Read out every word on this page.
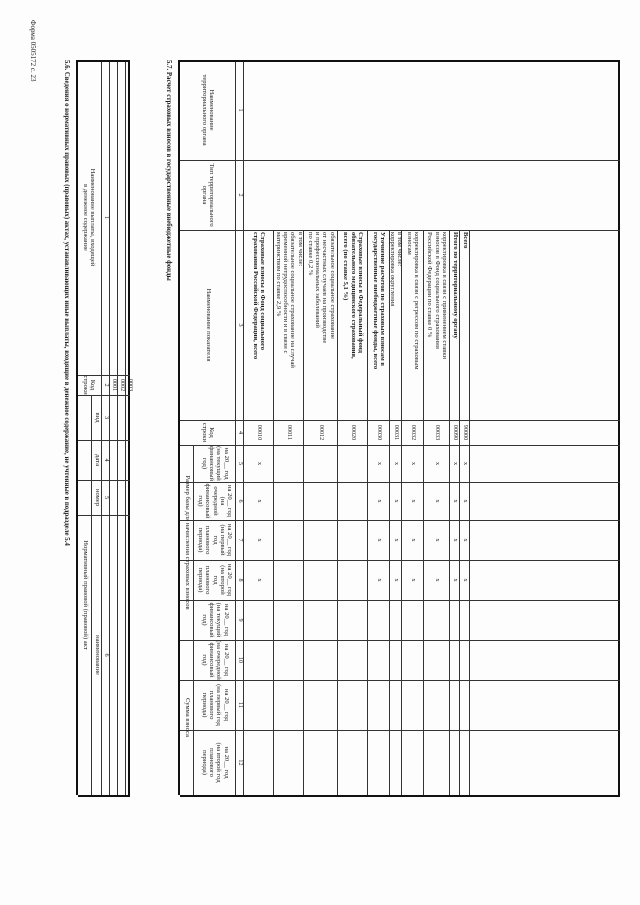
Форма 0505172 с. 23
5.6. Сведения о нормативных правовых (правовых) актах, устанавливающих иные выплаты, входящие в денежное содержание, не учтенные в подразделе 5.4	Наименование выплаты, входящей
в денежное содержание
Код
строки
Нормативный правовой (правовой) акт
вид
дата
номер
наименование
1
2
3
4
5
6
0001 0002 0003
5.7. Расчет страховых взносов в государственные внебюджетные фонды	Наименование
территориального органа
Тип территориального
органа
Наименование показателя
Код
строки
Размер базы для начисления страховых взносов
Сумма взноса
на 20__ год
(на текущий
финансовый
год)
на 20__ год
(на очередной
финансовый
год)
на 20__ год
(на первый год
планового
периода)
на 20__ год
(на второй год
планового
периода)
на 20__ год
(на текущий
финансовый год)
на 20__ год
(на очередной
финансовый год)
на 20__ год
(на первый год
планового
периода)
на 20__ год
(на второй год
планового
периода)
1
2
3
4
5
6
7
8
9
10
11
12
Страховые взносы в Фонд социального
страхования Российской Федерации, всего
00010
x
x
x
x
в том числе:
обязательное социальное страхование на случай
временной нетрудоспособности и в связи с
материнством по ставке 2,9 %
00011
обязательное социальное страхование
от несчастных случаев на производстве
и профессиональных заболеваний
по ставке 0,2 %
00012
Страховые взносы в Федеральный фонд
обязательного медицинского страхования,
всего (по ставке 5,1 %)
00020
Уточнение расчетов по страховым взносам в
государственные внебюджетные фонды, всего
00030
x
x
x
x
в том числе:
корректировка округления
00031
x
x
x
x
корректировка в связи с регрессом по страховым
взносам
00032
x
x
x
x
корректировка в связи с применением ставки
взносов в Фонд социального страхования
Российской Федерации по ставке 0 %
00033
x
x
x
x
Итого по территориальному органу
00090
x
x
x
x
Всего
90000
x
x
x
x
